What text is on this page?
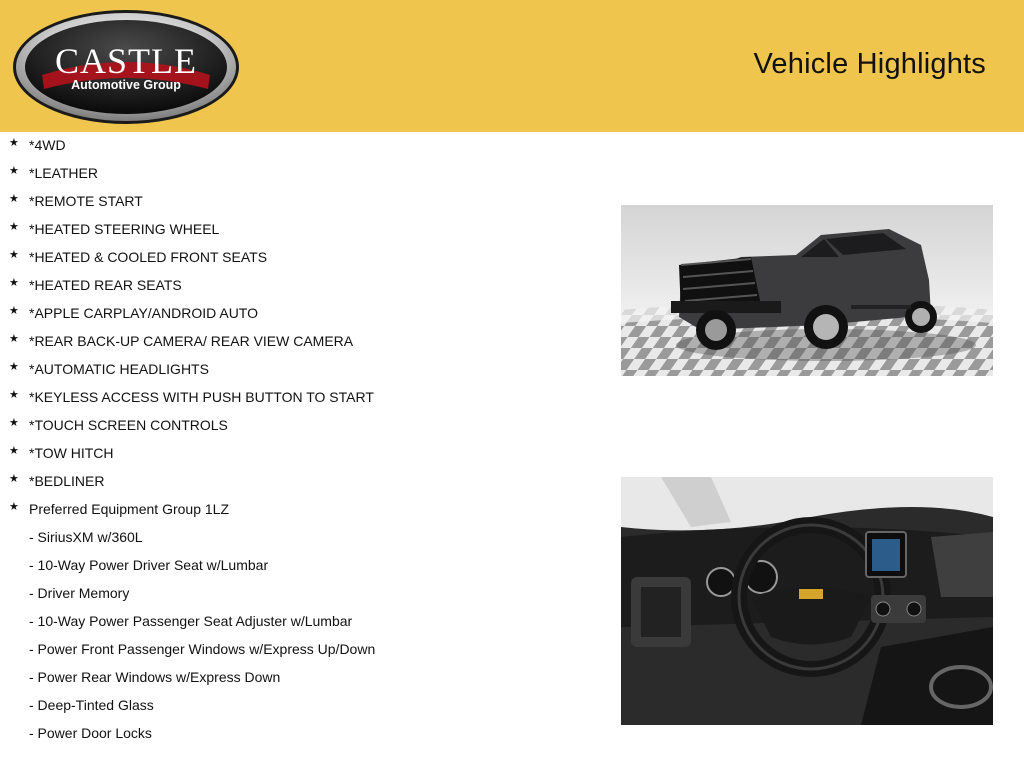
CASTLE
Automotive Group
Vehicle Highlights
★ *4WD
★ *LEATHER
★ *REMOTE START
★ *HEATED STEERING WHEEL
★ *HEATED & COOLED FRONT SEATS
★ *HEATED REAR SEATS
★ *APPLE CARPLAY/ANDROID AUTO
★ *REAR BACK-UP CAMERA/ REAR VIEW CAMERA
★ *AUTOMATIC HEADLIGHTS
★ *KEYLESS ACCESS WITH PUSH BUTTON TO START
★ *TOUCH SCREEN CONTROLS
★ *TOW HITCH
★ *BEDLINER
★ Preferred Equipment Group 1LZ
- SiriusXM w/360L
- 10-Way Power Driver Seat w/Lumbar
- Driver Memory
- 10-Way Power Passenger Seat Adjuster w/Lumbar
- Power Front Passenger Windows w/Express Up/Down
- Power Rear Windows w/Express Down
- Deep-Tinted Glass
- Power Door Locks
